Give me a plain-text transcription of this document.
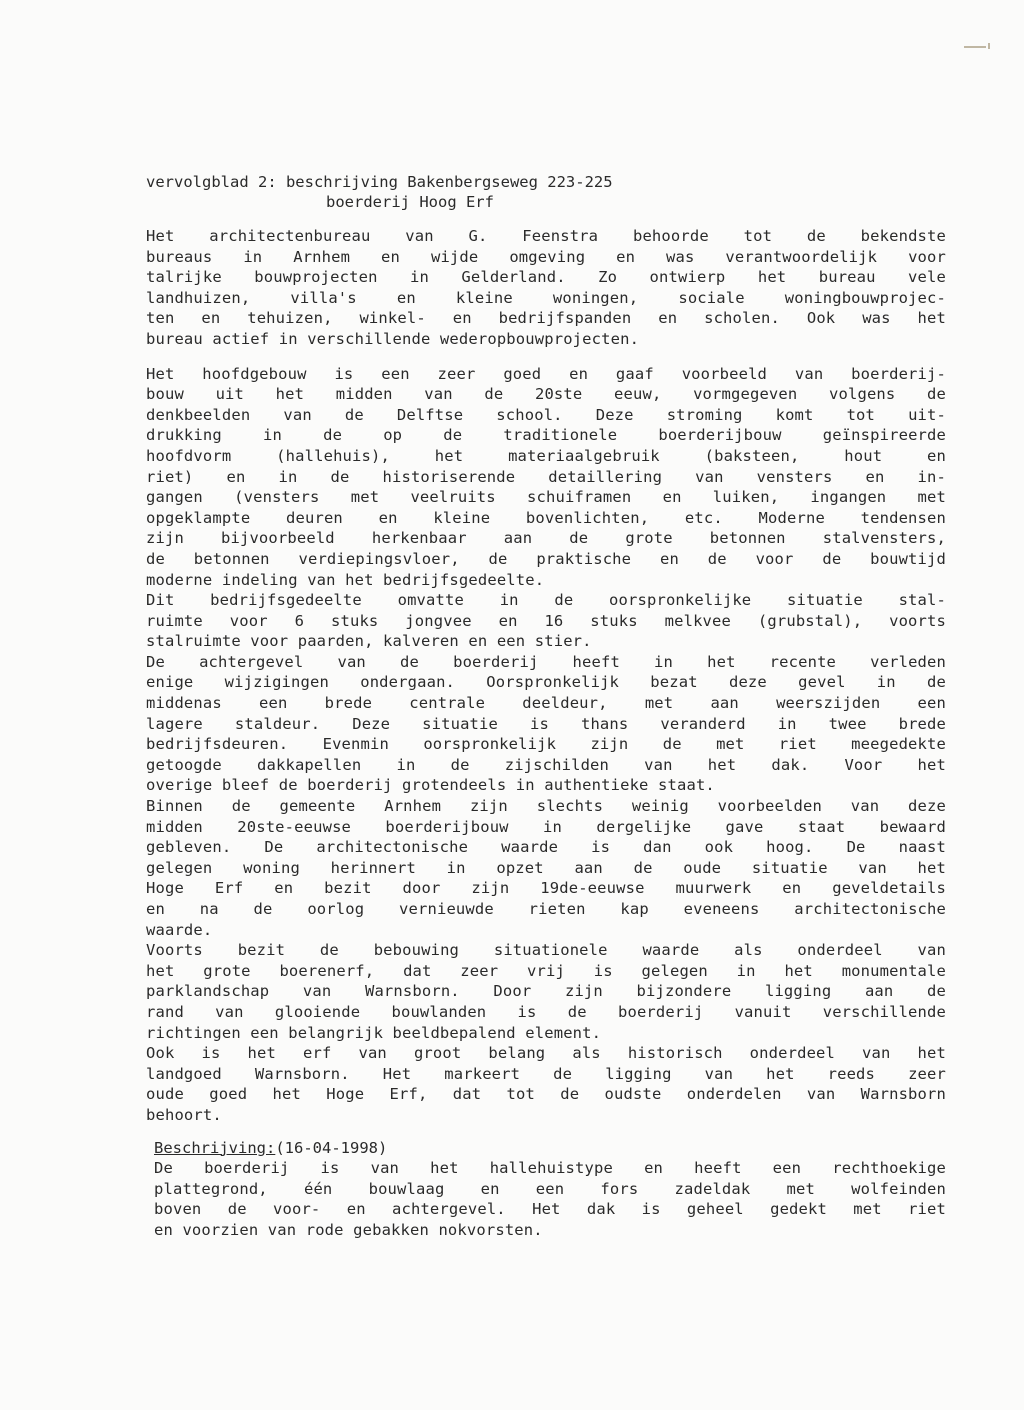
vervolgblad 2: beschrijving Bakenbergseweg 223-225
boerderij Hoog Erf
Het architectenbureau van G. Feenstra behoorde tot de bekendste
bureaus in Arnhem en wijde omgeving en was verantwoordelijk voor
talrijke bouwprojecten in Gelderland. Zo ontwierp het bureau vele
landhuizen, villa's en kleine woningen, sociale woningbouwprojec-
ten en tehuizen, winkel- en bedrijfspanden en scholen. Ook was het
bureau actief in verschillende wederopbouwprojecten.
Het hoofdgebouw is een zeer goed en gaaf voorbeeld van boerderij-
bouw uit het midden van de 20ste eeuw, vormgegeven volgens de
denkbeelden van de Delftse school. Deze stroming komt tot uit-
drukking in de op de traditionele boerderijbouw geïnspireerde
hoofdvorm (hallehuis), het materiaalgebruik (baksteen, hout en
riet) en in de historiserende detaillering van vensters en in-
gangen (vensters met veelruits schuiframen en luiken, ingangen met
opgeklampte deuren en kleine bovenlichten, etc. Moderne tendensen
zijn bijvoorbeeld herkenbaar aan de grote betonnen stalvensters,
de betonnen verdiepingsvloer, de praktische en de voor de bouwtijd
moderne indeling van het bedrijfsgedeelte.
Dit bedrijfsgedeelte omvatte in de oorspronkelijke situatie stal-
ruimte voor 6 stuks jongvee en 16 stuks melkvee (grubstal), voorts
stalruimte voor paarden, kalveren en een stier.
De achtergevel van de boerderij heeft in het recente verleden
enige wijzigingen ondergaan. Oorspronkelijk bezat deze gevel in de
middenas een brede centrale deeldeur, met aan weerszijden een
lagere staldeur. Deze situatie is thans veranderd in twee brede
bedrijfsdeuren. Evenmin oorspronkelijk zijn de met riet meegedekte
getoogde dakkapellen in de zijschilden van het dak. Voor het
overige bleef de boerderij grotendeels in authentieke staat.
Binnen de gemeente Arnhem zijn slechts weinig voorbeelden van deze
midden 20ste-eeuwse boerderijbouw in dergelijke gave staat bewaard
gebleven. De architectonische waarde is dan ook hoog. De naast
gelegen woning herinnert in opzet aan de oude situatie van het
Hoge Erf en bezit door zijn 19de-eeuwse muurwerk en geveldetails
en na de oorlog vernieuwde rieten kap eveneens architectonische
waarde.
Voorts bezit de bebouwing situationele waarde als onderdeel van
het grote boerenerf, dat zeer vrij is gelegen in het monumentale
parklandschap van Warnsborn. Door zijn bijzondere ligging aan de
rand van glooiende bouwlanden is de boerderij vanuit verschillende
richtingen een belangrijk beeldbepalend element.
Ook is het erf van groot belang als historisch onderdeel van het
landgoed Warnsborn. Het markeert de ligging van het reeds zeer
oude goed het Hoge Erf, dat tot de oudste onderdelen van Warnsborn
behoort.
Beschrijving:(16-04-1998)
De boerderij is van het hallehuistype en heeft een rechthoekige
plattegrond, één bouwlaag en een fors zadeldak met wolfeinden
boven de voor- en achtergevel. Het dak is geheel gedekt met riet
en voorzien van rode gebakken nokvorsten.
